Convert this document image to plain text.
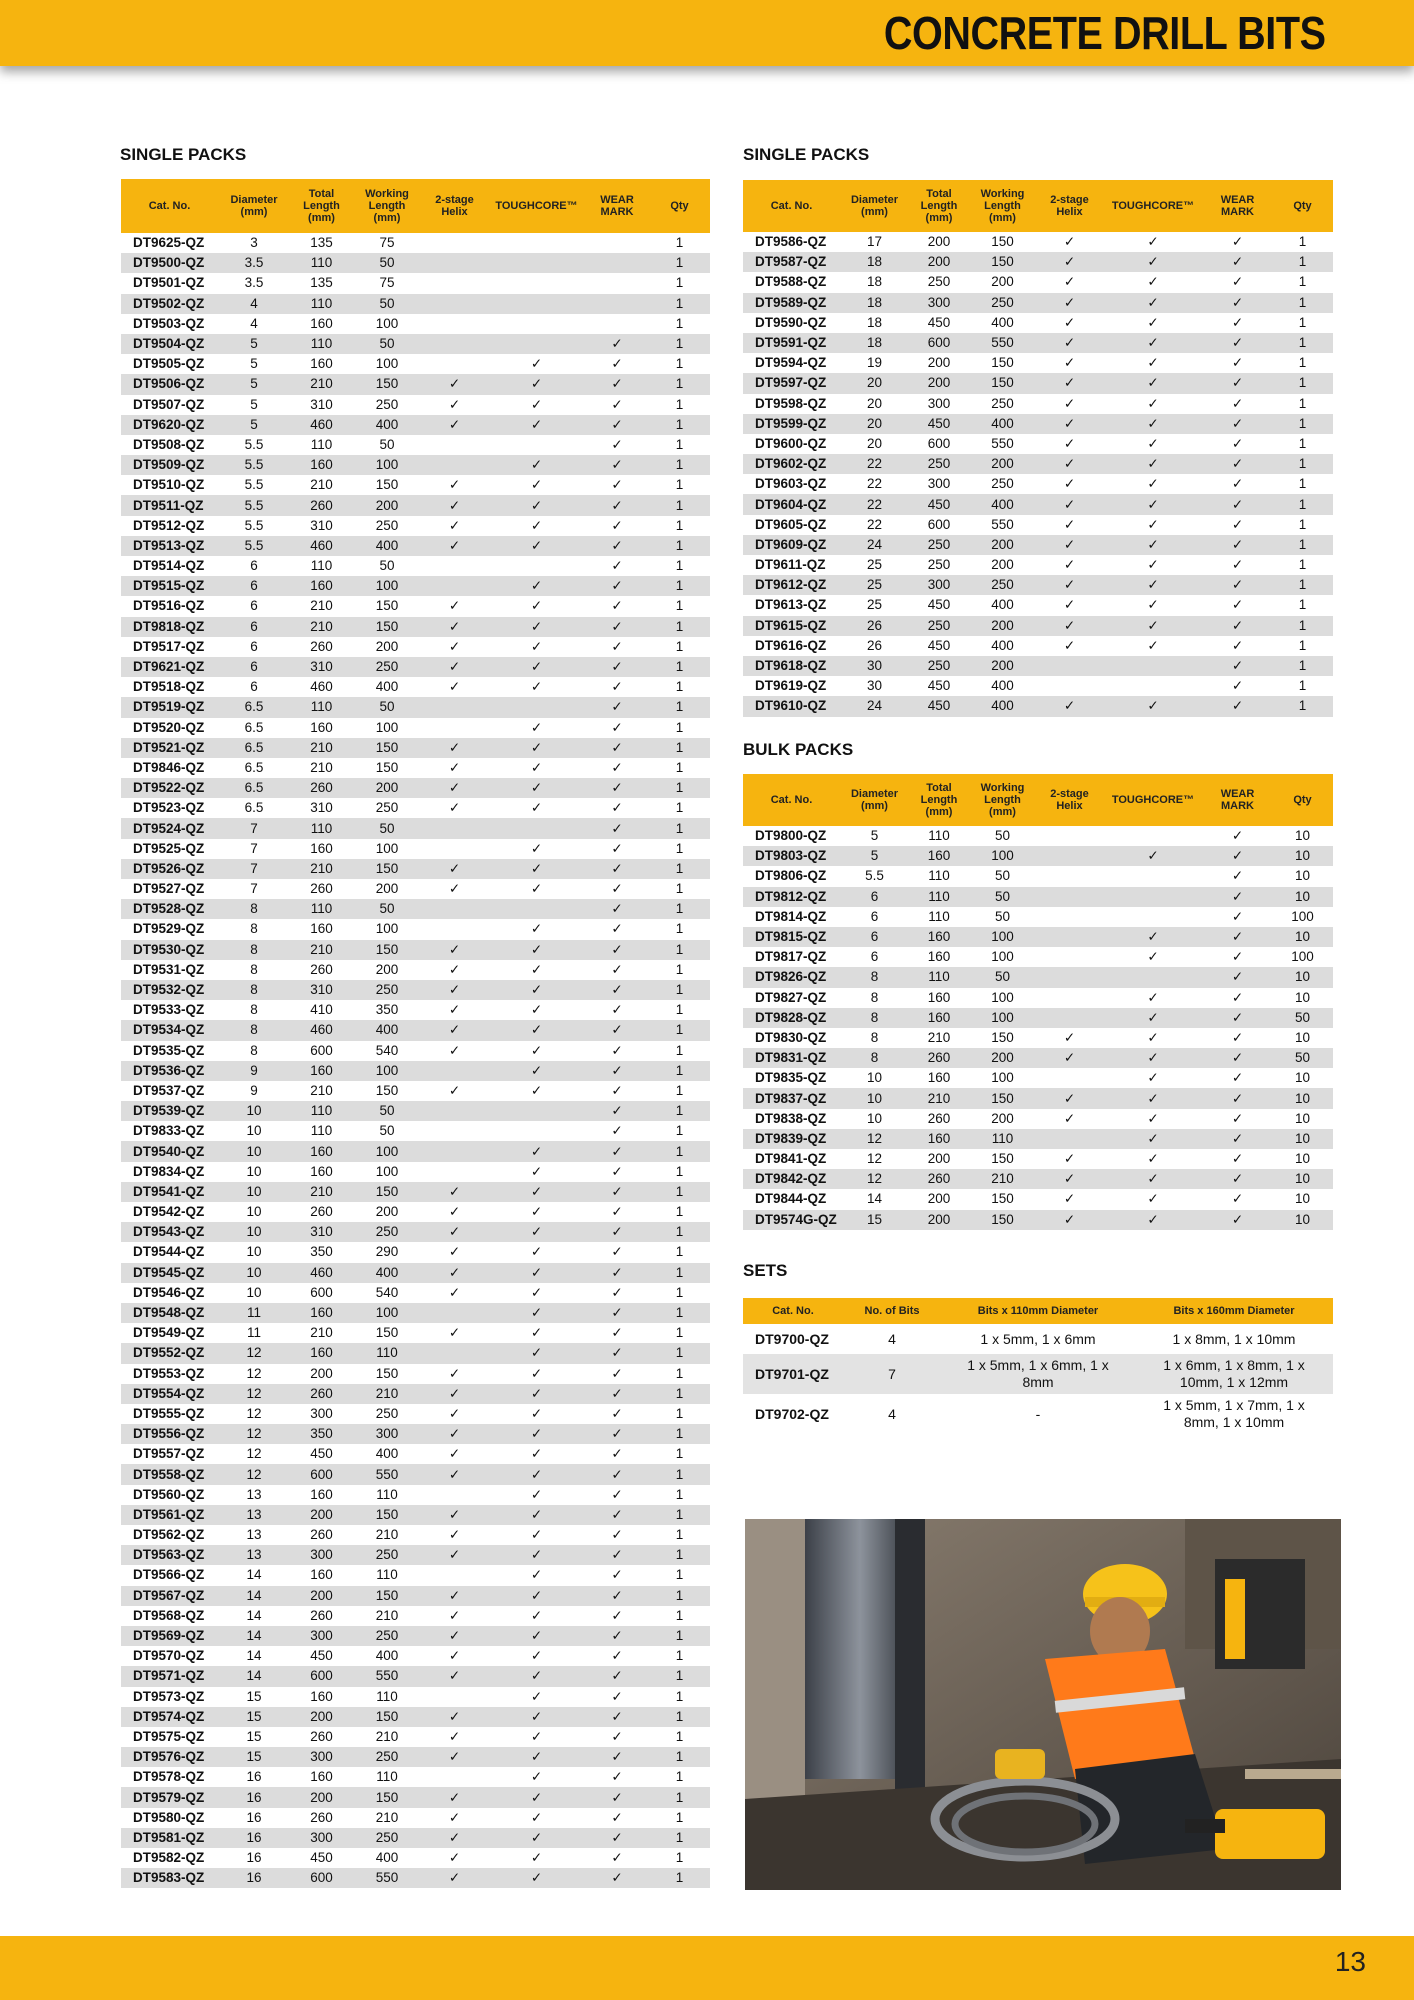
CONCRETE DRILL BITS
SINGLE PACKS
Cat. No.	Diameter (mm)	Total Length (mm)	Working Length (mm)	2-stage Helix	TOUGHCORE™	WEAR MARK	Qty
DT9625-QZ	3	135	75				1
DT9500-QZ	3.5	110	50				1
DT9501-QZ	3.5	135	75				1
DT9502-QZ	4	110	50				1
DT9503-QZ	4	160	100				1
DT9504-QZ	5	110	50			✓	1
DT9505-QZ	5	160	100		✓	✓	1
DT9506-QZ	5	210	150	✓	✓	✓	1
DT9507-QZ	5	310	250	✓	✓	✓	1
DT9620-QZ	5	460	400	✓	✓	✓	1
DT9508-QZ	5.5	110	50			✓	1
DT9509-QZ	5.5	160	100		✓	✓	1
DT9510-QZ	5.5	210	150	✓	✓	✓	1
DT9511-QZ	5.5	260	200	✓	✓	✓	1
DT9512-QZ	5.5	310	250	✓	✓	✓	1
DT9513-QZ	5.5	460	400	✓	✓	✓	1
DT9514-QZ	6	110	50			✓	1
DT9515-QZ	6	160	100		✓	✓	1
DT9516-QZ	6	210	150	✓	✓	✓	1
DT9818-QZ	6	210	150	✓	✓	✓	1
DT9517-QZ	6	260	200	✓	✓	✓	1
DT9621-QZ	6	310	250	✓	✓	✓	1
DT9518-QZ	6	460	400	✓	✓	✓	1
DT9519-QZ	6.5	110	50			✓	1
DT9520-QZ	6.5	160	100		✓	✓	1
DT9521-QZ	6.5	210	150	✓	✓	✓	1
DT9846-QZ	6.5	210	150	✓	✓	✓	1
DT9522-QZ	6.5	260	200	✓	✓	✓	1
DT9523-QZ	6.5	310	250	✓	✓	✓	1
DT9524-QZ	7	110	50			✓	1
DT9525-QZ	7	160	100		✓	✓	1
DT9526-QZ	7	210	150	✓	✓	✓	1
DT9527-QZ	7	260	200	✓	✓	✓	1
DT9528-QZ	8	110	50			✓	1
DT9529-QZ	8	160	100		✓	✓	1
DT9530-QZ	8	210	150	✓	✓	✓	1
DT9531-QZ	8	260	200	✓	✓	✓	1
DT9532-QZ	8	310	250	✓	✓	✓	1
DT9533-QZ	8	410	350	✓	✓	✓	1
DT9534-QZ	8	460	400	✓	✓	✓	1
DT9535-QZ	8	600	540	✓	✓	✓	1
DT9536-QZ	9	160	100		✓	✓	1
DT9537-QZ	9	210	150	✓	✓	✓	1
DT9539-QZ	10	110	50			✓	1
DT9833-QZ	10	110	50			✓	1
DT9540-QZ	10	160	100		✓	✓	1
DT9834-QZ	10	160	100		✓	✓	1
DT9541-QZ	10	210	150	✓	✓	✓	1
DT9542-QZ	10	260	200	✓	✓	✓	1
DT9543-QZ	10	310	250	✓	✓	✓	1
DT9544-QZ	10	350	290	✓	✓	✓	1
DT9545-QZ	10	460	400	✓	✓	✓	1
DT9546-QZ	10	600	540	✓	✓	✓	1
DT9548-QZ	11	160	100		✓	✓	1
DT9549-QZ	11	210	150	✓	✓	✓	1
DT9552-QZ	12	160	110		✓	✓	1
DT9553-QZ	12	200	150	✓	✓	✓	1
DT9554-QZ	12	260	210	✓	✓	✓	1
DT9555-QZ	12	300	250	✓	✓	✓	1
DT9556-QZ	12	350	300	✓	✓	✓	1
DT9557-QZ	12	450	400	✓	✓	✓	1
DT9558-QZ	12	600	550	✓	✓	✓	1
DT9560-QZ	13	160	110		✓	✓	1
DT9561-QZ	13	200	150	✓	✓	✓	1
DT9562-QZ	13	260	210	✓	✓	✓	1
DT9563-QZ	13	300	250	✓	✓	✓	1
DT9566-QZ	14	160	110		✓	✓	1
DT9567-QZ	14	200	150	✓	✓	✓	1
DT9568-QZ	14	260	210	✓	✓	✓	1
DT9569-QZ	14	300	250	✓	✓	✓	1
DT9570-QZ	14	450	400	✓	✓	✓	1
DT9571-QZ	14	600	550	✓	✓	✓	1
DT9573-QZ	15	160	110		✓	✓	1
DT9574-QZ	15	200	150	✓	✓	✓	1
DT9575-QZ	15	260	210	✓	✓	✓	1
DT9576-QZ	15	300	250	✓	✓	✓	1
DT9578-QZ	16	160	110		✓	✓	1
DT9579-QZ	16	200	150	✓	✓	✓	1
DT9580-QZ	16	260	210	✓	✓	✓	1
DT9581-QZ	16	300	250	✓	✓	✓	1
DT9582-QZ	16	450	400	✓	✓	✓	1
DT9583-QZ	16	600	550	✓	✓	✓	1
SINGLE PACKS
Cat. No.	Diameter (mm)	Total Length (mm)	Working Length (mm)	2-stage Helix	TOUGHCORE™	WEAR MARK	Qty
DT9586-QZ	17	200	150	✓	✓	✓	1
DT9587-QZ	18	200	150	✓	✓	✓	1
DT9588-QZ	18	250	200	✓	✓	✓	1
DT9589-QZ	18	300	250	✓	✓	✓	1
DT9590-QZ	18	450	400	✓	✓	✓	1
DT9591-QZ	18	600	550	✓	✓	✓	1
DT9594-QZ	19	200	150	✓	✓	✓	1
DT9597-QZ	20	200	150	✓	✓	✓	1
DT9598-QZ	20	300	250	✓	✓	✓	1
DT9599-QZ	20	450	400	✓	✓	✓	1
DT9600-QZ	20	600	550	✓	✓	✓	1
DT9602-QZ	22	250	200	✓	✓	✓	1
DT9603-QZ	22	300	250	✓	✓	✓	1
DT9604-QZ	22	450	400	✓	✓	✓	1
DT9605-QZ	22	600	550	✓	✓	✓	1
DT9609-QZ	24	250	200	✓	✓	✓	1
DT9611-QZ	25	250	200	✓	✓	✓	1
DT9612-QZ	25	300	250	✓	✓	✓	1
DT9613-QZ	25	450	400	✓	✓	✓	1
DT9615-QZ	26	250	200	✓	✓	✓	1
DT9616-QZ	26	450	400	✓	✓	✓	1
DT9618-QZ	30	250	200			✓	1
DT9619-QZ	30	450	400			✓	1
DT9610-QZ	24	450	400	✓	✓	✓	1
BULK PACKS
Cat. No.	Diameter (mm)	Total Length (mm)	Working Length (mm)	2-stage Helix	TOUGHCORE™	WEAR MARK	Qty
DT9800-QZ	5	110	50			✓	10
DT9803-QZ	5	160	100		✓	✓	10
DT9806-QZ	5.5	110	50			✓	10
DT9812-QZ	6	110	50			✓	10
DT9814-QZ	6	110	50			✓	100
DT9815-QZ	6	160	100		✓	✓	10
DT9817-QZ	6	160	100		✓	✓	100
DT9826-QZ	8	110	50			✓	10
DT9827-QZ	8	160	100		✓	✓	10
DT9828-QZ	8	160	100		✓	✓	50
DT9830-QZ	8	210	150	✓	✓	✓	10
DT9831-QZ	8	260	200	✓	✓	✓	50
DT9835-QZ	10	160	100		✓	✓	10
DT9837-QZ	10	210	150	✓	✓	✓	10
DT9838-QZ	10	260	200	✓	✓	✓	10
DT9839-QZ	12	160	110		✓	✓	10
DT9841-QZ	12	200	150	✓	✓	✓	10
DT9842-QZ	12	260	210	✓	✓	✓	10
DT9844-QZ	14	200	150	✓	✓	✓	10
DT9574G-QZ	15	200	150	✓	✓	✓	10
SETS
Cat. No.	No. of Bits	Bits x 110mm Diameter	Bits x 160mm Diameter
DT9700-QZ	4	1 x 5mm, 1 x 6mm	1 x 8mm, 1 x 10mm
DT9701-QZ	7	1 x 5mm, 1 x 6mm, 1 x 8mm	1 x 6mm, 1 x 8mm, 1 x 10mm, 1 x 12mm
DT9702-QZ	4	-	1 x 5mm, 1 x 7mm, 1 x 8mm, 1 x 10mm
13
